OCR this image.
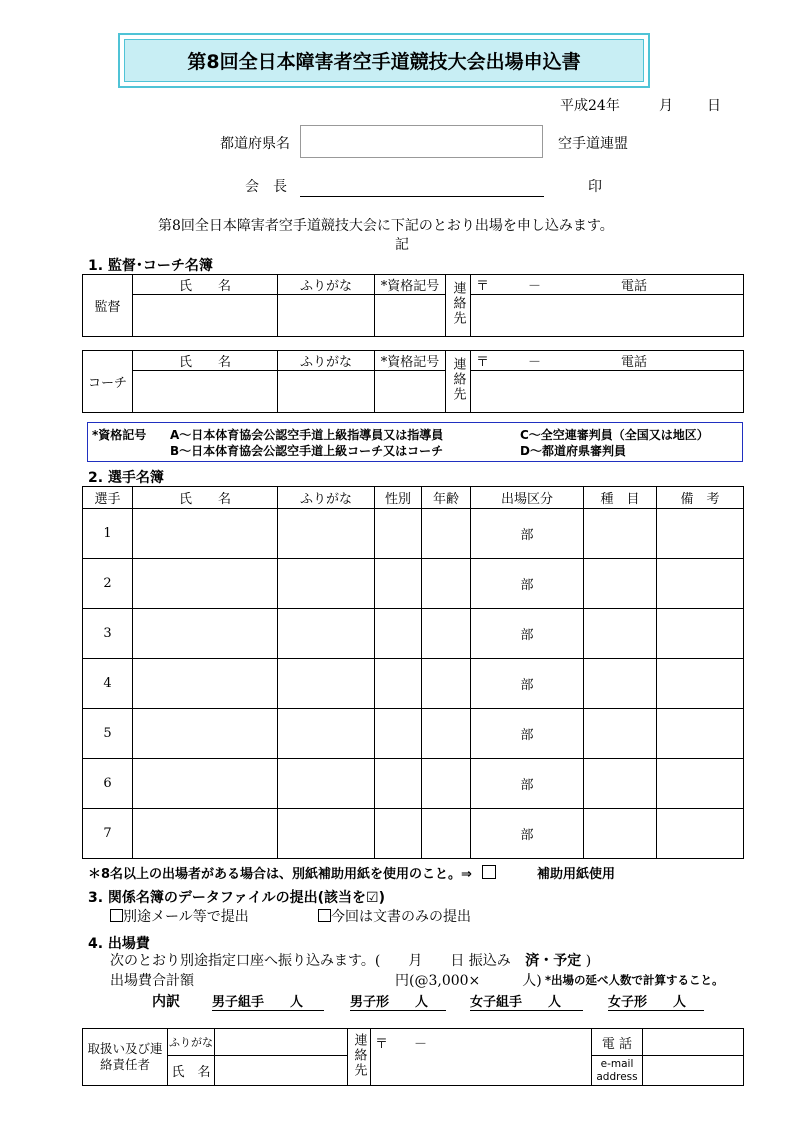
第8回全日本障害者空手道競技大会出場申込書
平成24年	月 日
都道府県名	空手道連盟
会　長	印
第8回全日本障害者空手道競技大会に下記のとおり出場を申し込みます。
記
1. 監督･コーチ名簿
監督	氏　　名	ふりがな	*資格記号	連絡先	〒　　　－ 電話

コーチ	氏　　名	ふりがな	*資格記号	連絡先	〒　　　－ 電話

*資格記号 A～日本体育協会公認空手道上級指導員又は指導員
B～日本体育協会公認空手道上級コーチ又はコーチ
C～全空連審判員（全国又は地区）
D～都道府県審判員
2. 選手名簿
選手	氏　　名	ふりがな	性別	年齢	出場区分	種　目	備　考
1					部		
2					部		
3					部		
4					部		
5					部		
6					部		
7					部		
＊8名以上の出場者がある場合は、別紙補助用紙を使用のこと。⇒	補助用紙使用
3. 関係名簿のデータファイルの提出(該当を☑)
別途メール等で提出	今回は文書のみの提出
4. 出場費
次のとおり別途指定口座へ振り込みます。(　　月　　日 振込み 済・予定 )
出場費合計額	円(@3,000×　　　人) *出場の延べ人数で計算すること。
内訳 男子組手　　人	男子形　　人	女子組手　　人	女子形　　人
取扱い及び連絡責任者	ふりがな		連絡先	〒　　－	電 話	
	氏　名				e-mail address	
